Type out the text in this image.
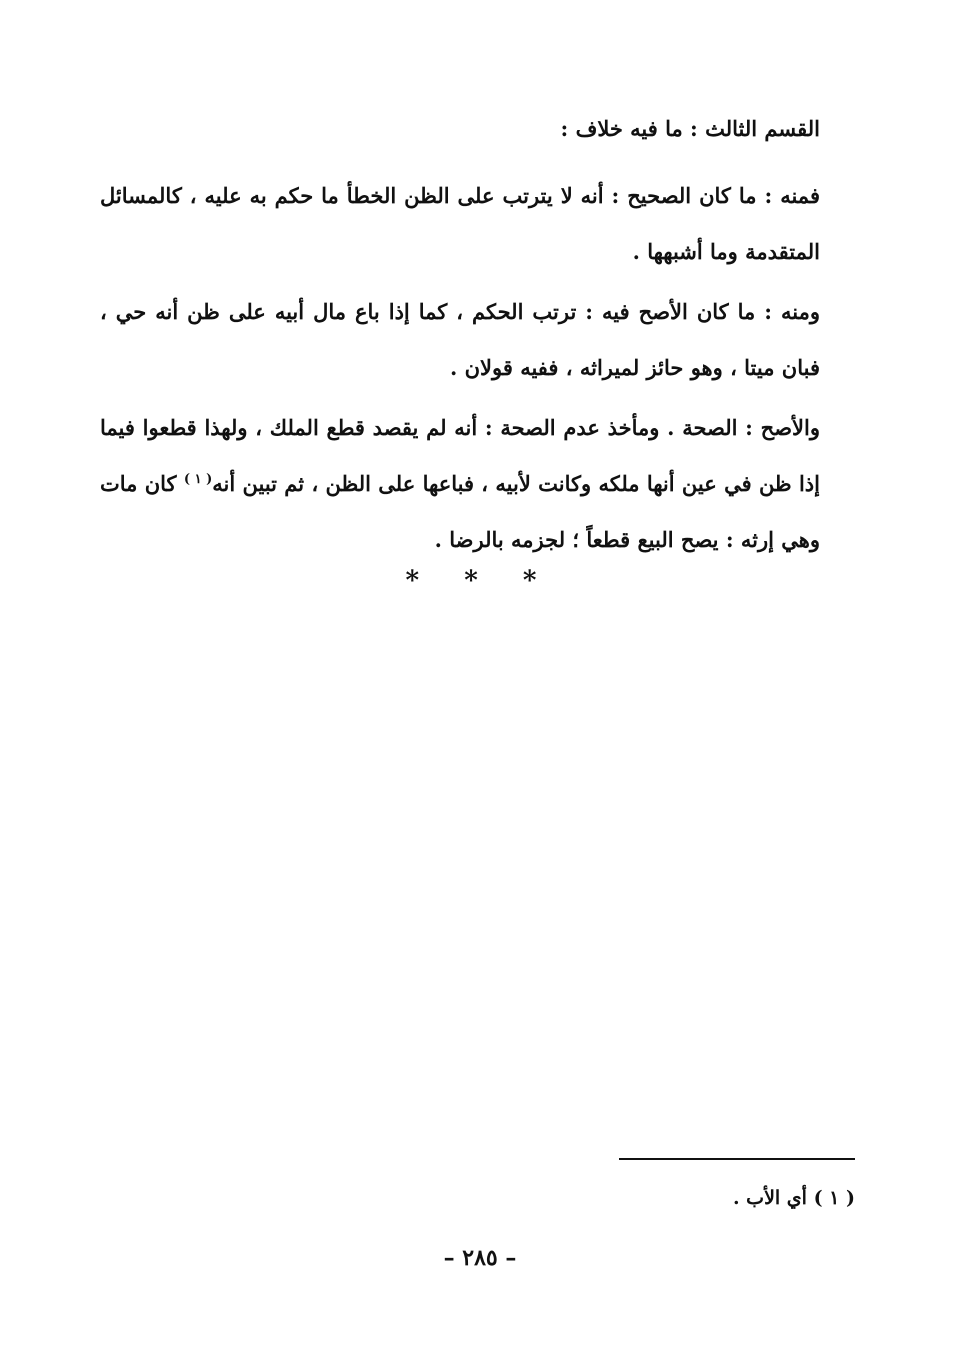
القسم الثالث : ما فيه خلاف :

فمنه : ما كان الصحيح : أنه لا يترتب على الظن الخطأ ما حكم به عليه ، كالمسائل المتقدمة وما أشبهها .

ومنه : ما كان الأصح فيه : ترتب الحكم ، كما إذا باع مال أبيه على ظن أنه حي ، فبان ميتا ، وهو حائز لميراثه ، ففيه قولان .

والأصح : الصحة . ومأخذ عدم الصحة : أنه لم يقصد قطع الملك ، ولهذا قطعوا فيما إذا ظن في عين أنها ملكه وكانت لأبيه ، فباعها على الظن ، ثم تبين أنه$^{( ١ )}$ كان مات وهي إرثه : يصح البيع قطعاً ؛ لجزمه بالرضا .

* * *
( ١ ) أي الأب .
– ٢٨٥ –
